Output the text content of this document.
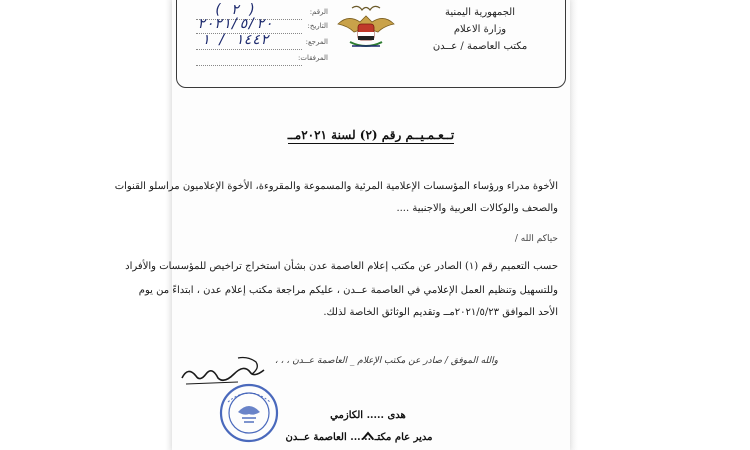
الجمهورية اليمنية
وزارة الاعلام
مكتب العاصمة / عــدن
الرقم:
( ٢ )
التاريخ:
٢٠٢١/٥/٢٠
المرجع:
١٤٤٢ / ١
المرفقات:
تــعـمـيــم رقم (٢) لسنة ٢٠٢١مــ
الأخوة مدراء ورؤساء المؤسسات الإعلامية المرئية والمسموعة والمقروءة، الأخوة الإعلاميون مراسلو القنوات
والصحف والوكالات العربية والاجنبية ....
حياكم الله /
حسب التعميم رقم (١) الصادر عن مكتب إعلام العاصمة عدن بشأن استخراج تراخيص للمؤسسات والأفراد
وللتسهيل وتنظيم العمل الإعلامي في العاصمة عــدن ، عليكم مراجعة مكتب إعلام عدن ، ابتداءً من يوم
الأحد الموافق ٢٠٢١/٥/٢٣مــ وتقديم الوثائق الخاصة لذلك.
والله الموفق / صادر عن مكتب الإعلام _ العاصمة عــدن ، ، ،
هدى ..... الكازمي
مدير عام مكتـ....... العاصمة عــدن
